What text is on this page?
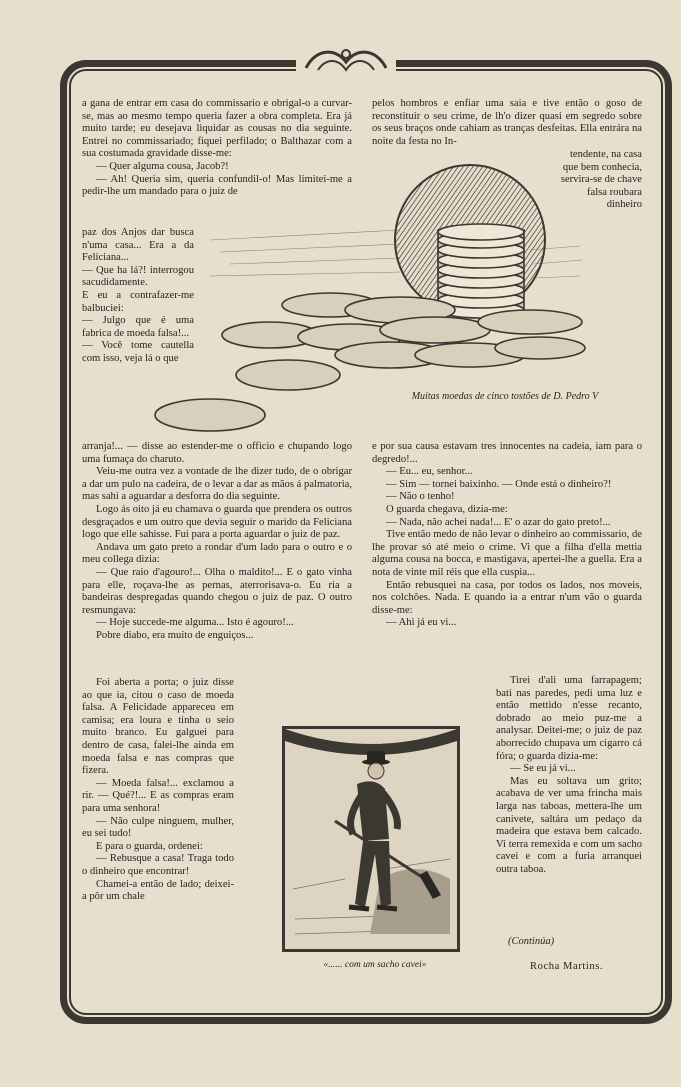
a gana de entrar em casa do commissario e obrigal-o a curvar-se, mas ao mesmo tempo queria fazer a obra completa. Era já muito tarde; eu desejava liquidar as cousas no dia seguinte. Entrei no commissariado; fiquei perfilado; o Balthazar com a sua costumada gravidade disse-me:

— Quer alguma cousa, Jacob?!

— Ah! Queria sim, queria confundil-o! Mas limitei-me a pedir-lhe um mandado para o juiz de

paz dos Anjos dar busca n'uma casa... Era a da Feliciana...

— Que ha lá?! interrogou sacudidamente.

E eu a contrafazer-me balbuciei:

— Julgo que é uma fabrica de moeda falsa!...

— Você tome cautella com isso, veja lá o que

pelos hombros e enfiar uma saia e tive então o goso de reconstituir o seu crime, de lh'o dizer quasi em segredo sobre os seus braços onde cahiam as tranças desfeitas. Ella entrára na noite da festa no In-

tendente, na casa que bem conhecia, servira-se de chave falsa roubara dinheiro

Muitas moedas de cinco tostões de D. Pedro V

arranja!... — disse ao estender-me o officio e chupando logo uma fumaça do charuto.

Veiu-me outra vez a vontade de lhe dizer tudo, de o obrigar a dar um pulo na cadeira, de o levar a dar as mãos á palmatoria, mas sahi a aguardar a desforra do dia seguinte.

Logo ás oito já eu chamava o guarda que prendera os outros desgraçados e um outro que devia seguir o marido da Feliciana logo que elle sahisse. Fui para a porta aguardar o juiz de paz.

Andava um gato preto a rondar d'um lado para o outro e o meu collega dizia:

— Que raio d'agouro!... Olha o maldito!... E o gato vinha para elle, roçava-lhe as pernas, aterrorisava-o. Eu ria a bandeiras despregadas quando chegou o juiz de paz. O outro resmungava:

— Hoje succede-me alguma... Isto é agouro!...

Pobre diabo, era muito de enguiços...

e por sua causa estavam tres innocentes na cadeia, iam para o degredo!...

— Eu... eu, senhor...

— Sim — tornei baixinho. — Onde está o dinheiro?!

— Não o tenho!

O guarda chegava, dizia-me:

— Nada, não achei nada!... E' o azar do gato preto!...

Tive então medo de não levar o dinheiro ao commissario, de lhe provar só até meio o crime. Vi que a filha d'ella mettia alguma cousa na bocca, e mastigava, apertei-lhe a guella. Era a nota de vinte mil réis que ella cuspia...

Então rebusquei na casa, por todos os lados, nos moveis, nos colchões. Nada. E quando ia a entrar n'um vão o guarda disse-me:

— Ahi já eu vi...

Foi aberta a porta; o juiz disse ao que ia, citou o caso de moeda falsa. A Felicidade appareceu em camisa; era loura e tinha o seio muito branco. Eu galguei para dentro de casa, falei-lhe ainda em moeda falsa e nas compras que fizera.

— Moeda falsa!... exclamou a rir. — Qué?!... E as compras eram para uma senhora!

— Não culpe ninguem, mulher, eu sei tudo!

E para o guarda, ordenei:

— Rebusque a casa! Traga todo o dinheiro que encontrar!

Chamei-a então de lado; deixei-a pôr um chale

Tirei d'ali uma farrapagem; bati nas paredes, pedi uma luz e então mettido n'esse recanto, dobrado ao meio puz-me a analysar. Deitei-me; o juiz de paz aborrecido chupava um cigarro cá fóra; o guarda dizia-me:

— Se eu já vi...

Mas eu soltava um grito; acabava de ver uma frincha mais larga nas taboas, mettera-lhe um canivete, saltára um pedaço da madeira que estava bem calcado. Vi terra remexida e com um sacho cavei e com a furia arranquei outra taboa.

(Continúa)
«...... com um sacho cavei»	Rocha Martins.
